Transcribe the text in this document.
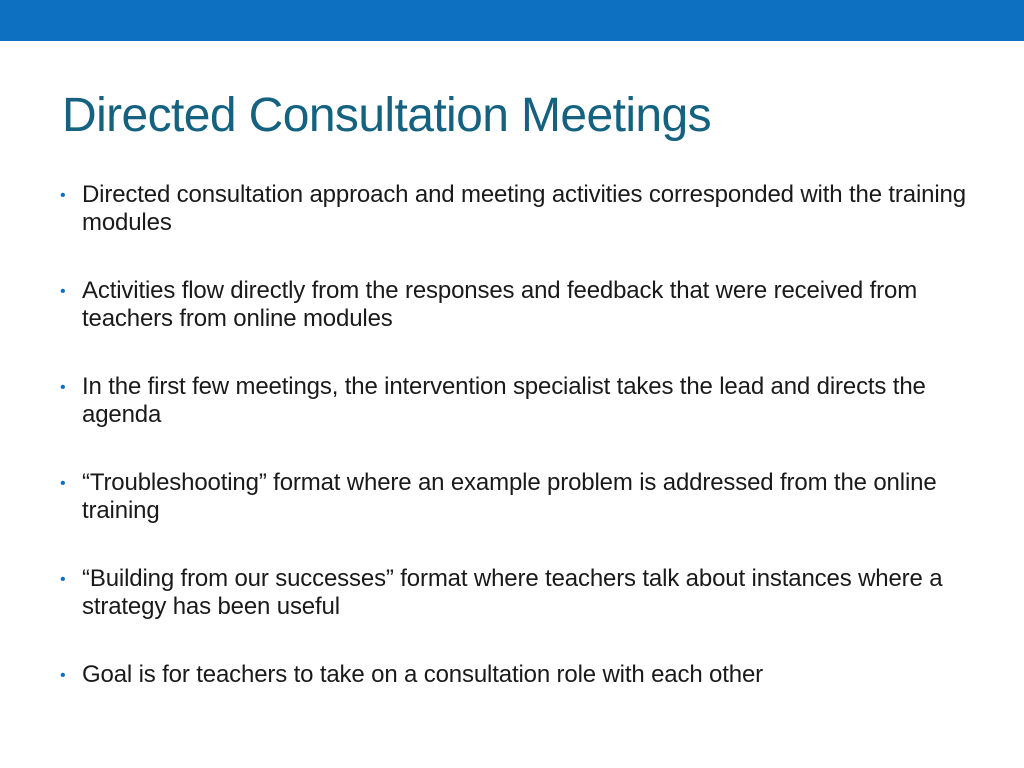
Directed Consultation Meetings
• Directed consultation approach and meeting activities corresponded with the training modules
• Activities flow directly from the responses and feedback that were received from teachers from online modules
• In the first few meetings, the intervention specialist takes the lead and directs the agenda
• “Troubleshooting” format where an example problem is addressed from the online training
• “Building from our successes” format where teachers talk about instances where a strategy has been useful
• Goal is for teachers to take on a consultation role with each other
